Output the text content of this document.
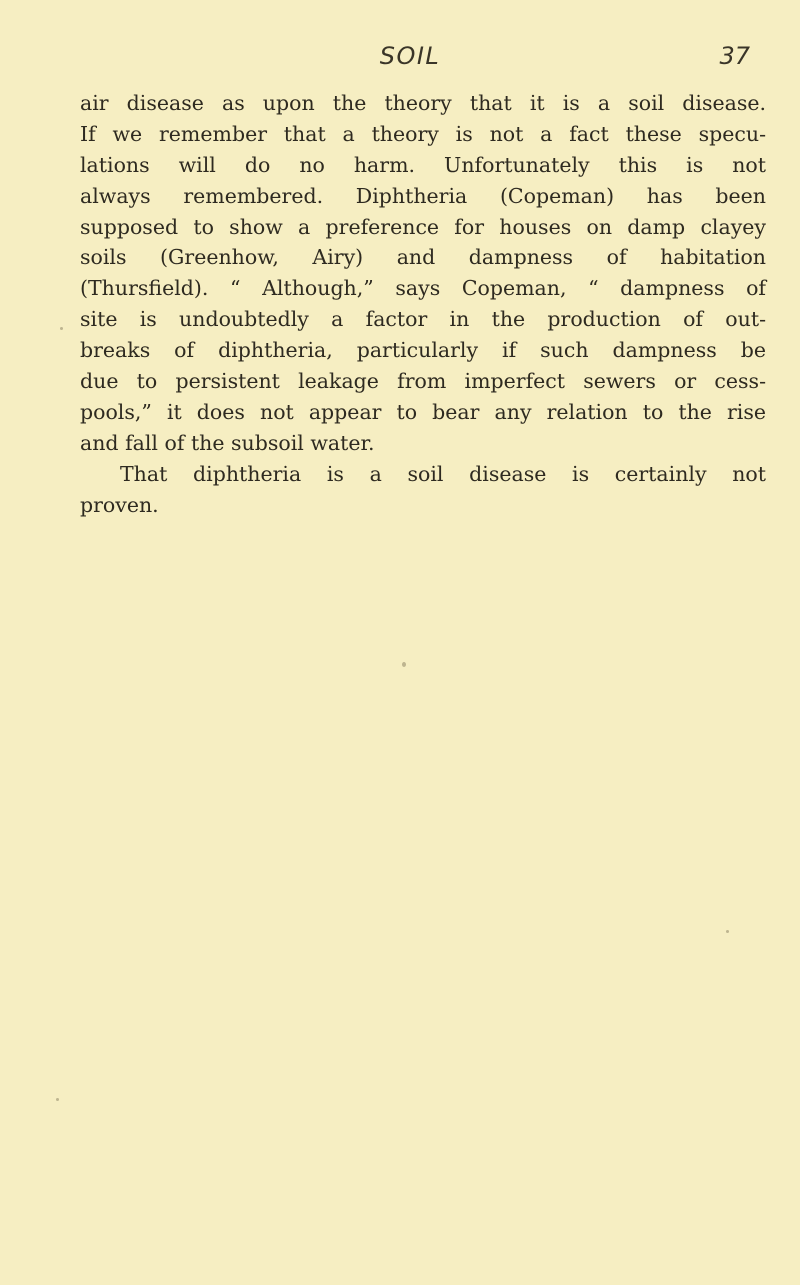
SOIL	37
air disease as upon the theory that it is a soil disease.
If we remember that a theory is not a fact these specu-
lations will do no harm. Unfortunately this is not
always remembered. Diphtheria (Copeman) has been
supposed to show a preference for houses on damp clayey
soils (Greenhow, Airy) and dampness of habitation
(Thursfield). “ Although,” says Copeman, “ dampness of
site is undoubtedly a factor in the production of out-
breaks of diphtheria, particularly if such dampness be
due to persistent leakage from imperfect sewers or cess-
pools,” it does not appear to bear any relation to the rise
and fall of the subsoil water.
That diphtheria is a soil disease is certainly not
proven.
